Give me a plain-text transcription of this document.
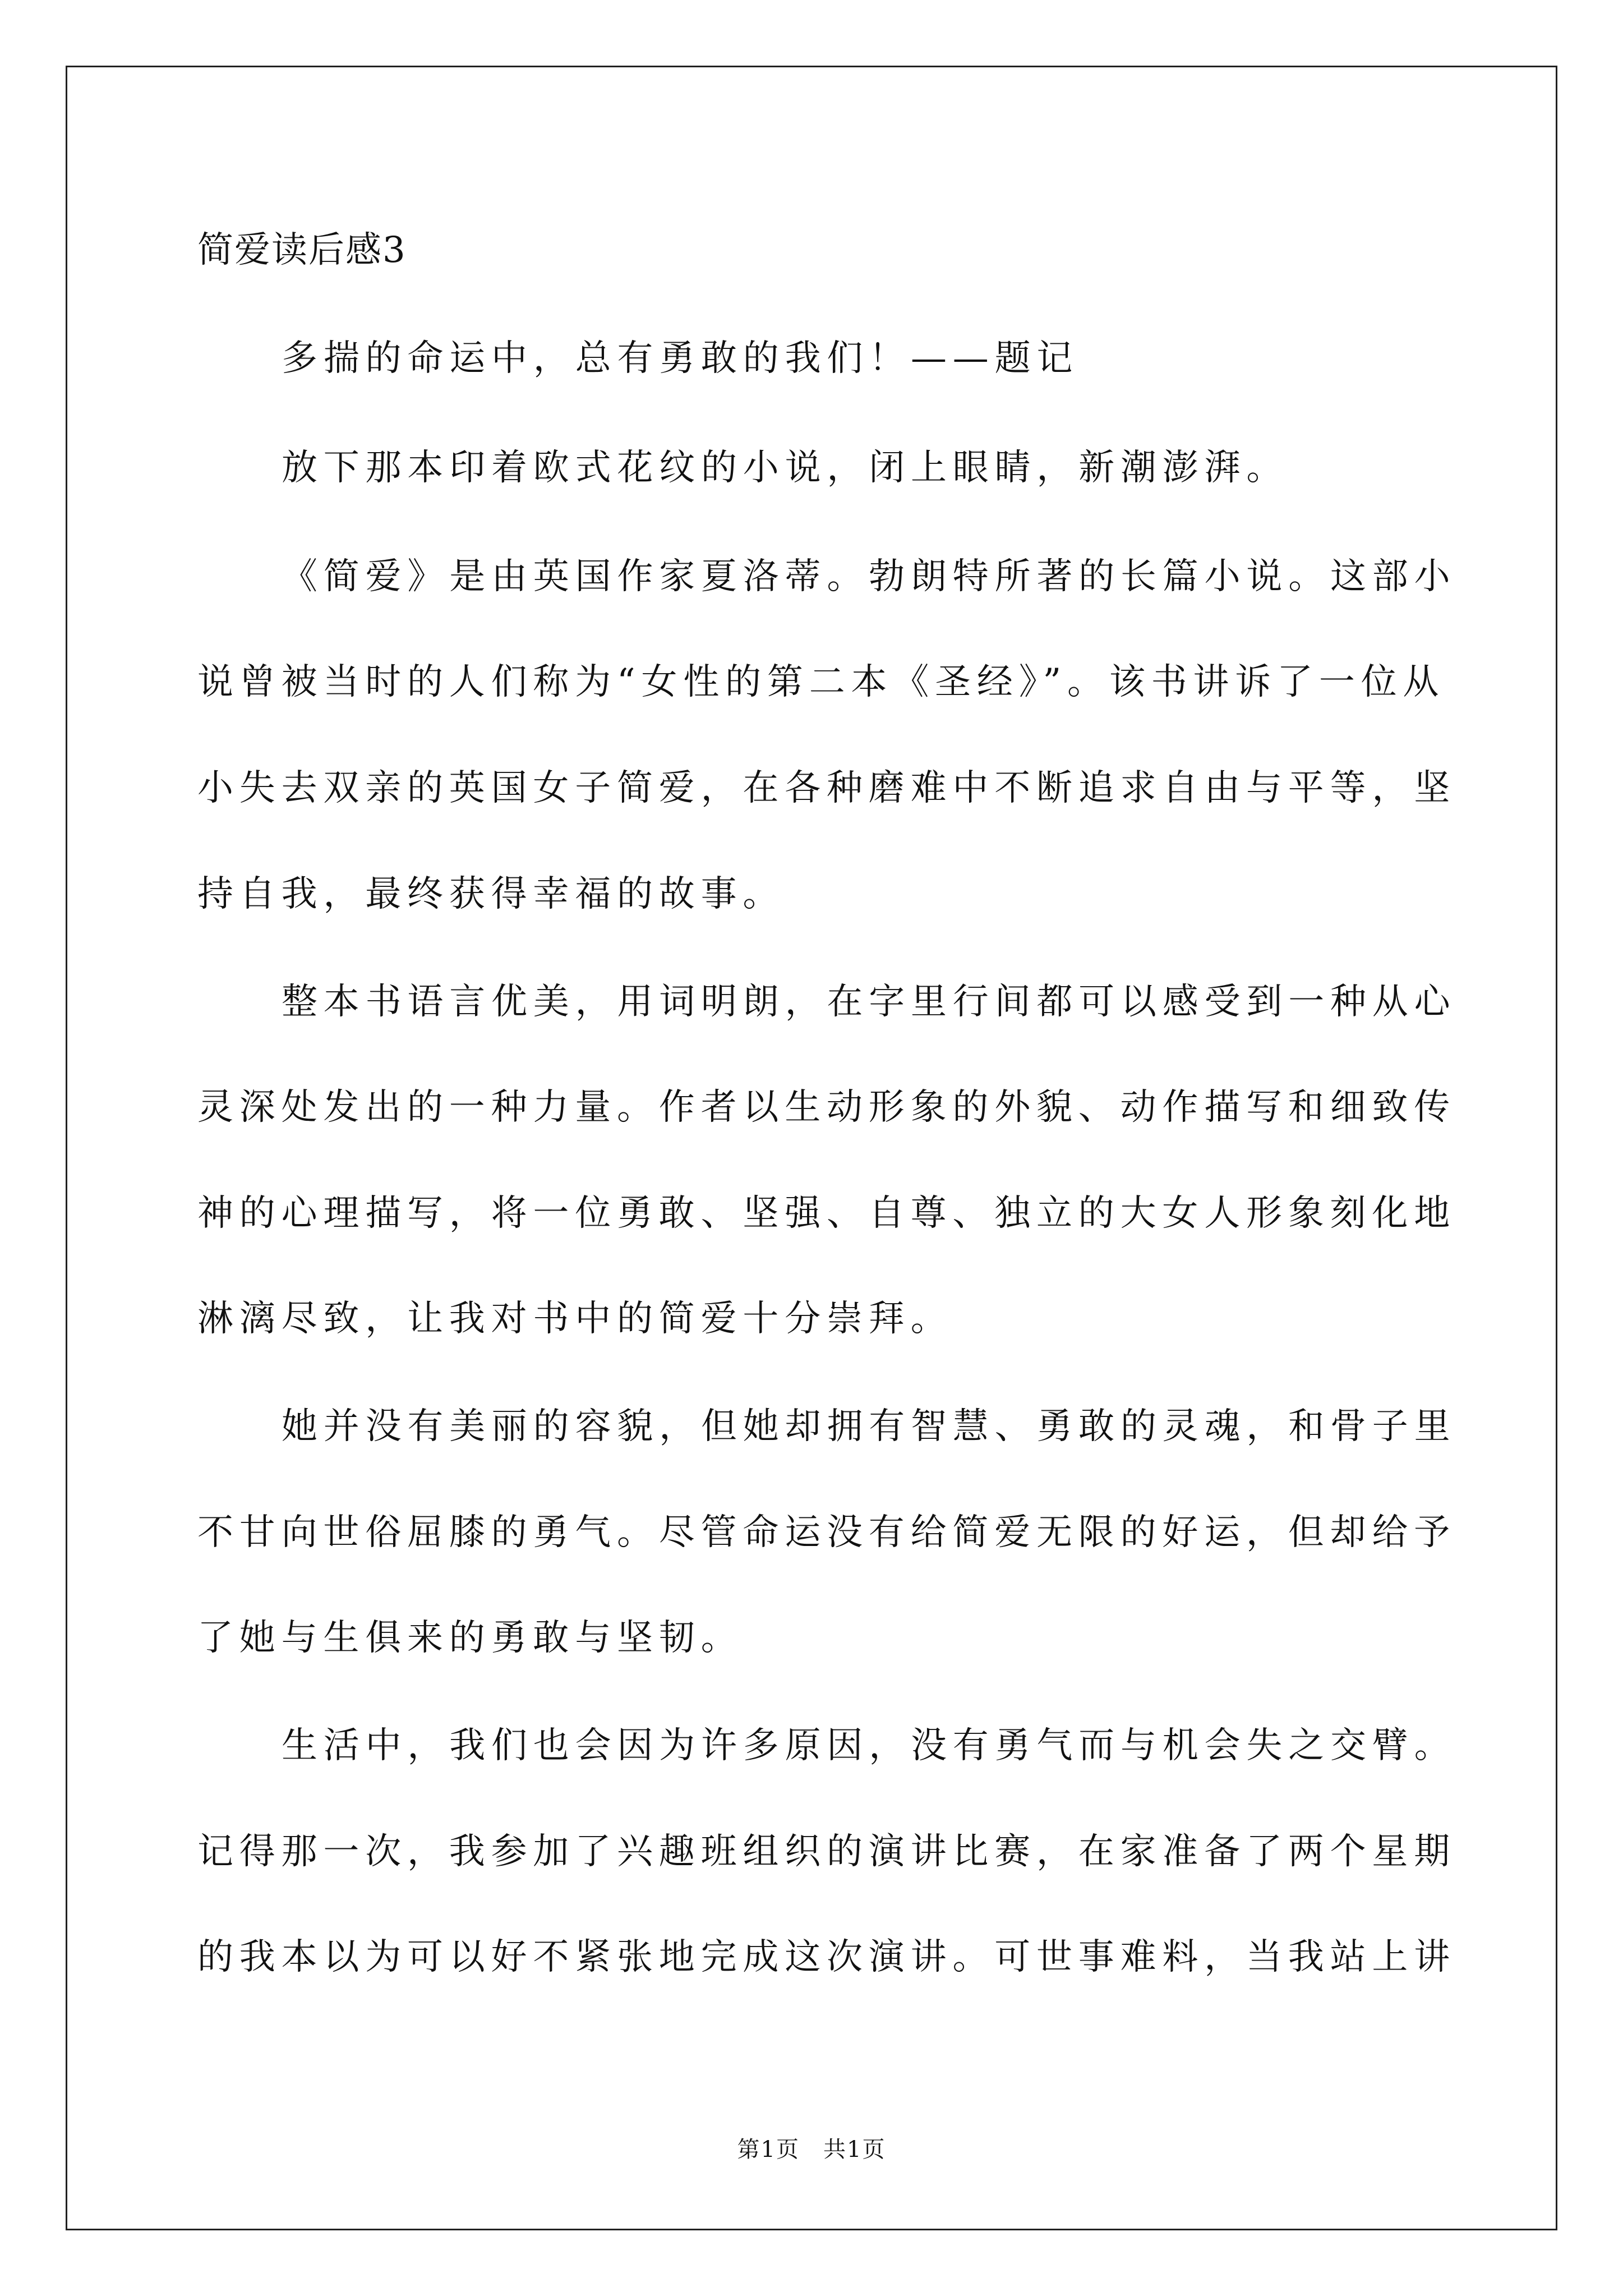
简爱读后感3
多揣的命运中，总有勇敢的我们！——题记
放下那本印着欧式花纹的小说，闭上眼睛，新潮澎湃。
《简爱》是由英国作家夏洛蒂。勃朗特所著的长篇小说。这部小
说曾被当时的人们称为“女性的第二本《圣经》”。该书讲诉了一位从
小失去双亲的英国女子简爱，在各种磨难中不断追求自由与平等，坚
持自我，最终获得幸福的故事。
整本书语言优美，用词明朗，在字里行间都可以感受到一种从心
灵深处发出的一种力量。作者以生动形象的外貌、动作描写和细致传
神的心理描写，将一位勇敢、坚强、自尊、独立的大女人形象刻化地
淋漓尽致，让我对书中的简爱十分崇拜。
她并没有美丽的容貌，但她却拥有智慧、勇敢的灵魂，和骨子里
不甘向世俗屈膝的勇气。尽管命运没有给简爱无限的好运，但却给予
了她与生俱来的勇敢与坚韧。
生活中，我们也会因为许多原因，没有勇气而与机会失之交臂。
记得那一次，我参加了兴趣班组织的演讲比赛，在家准备了两个星期
的我本以为可以好不紧张地完成这次演讲。可世事难料，当我站上讲
第1页　共1页
